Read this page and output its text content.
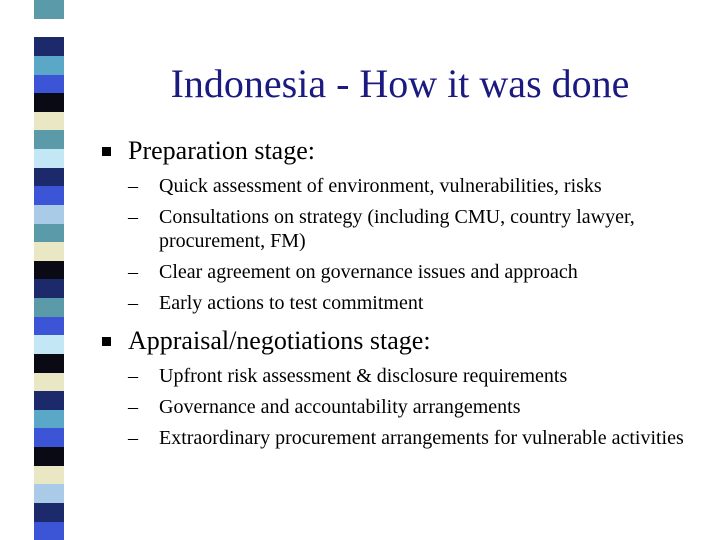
Indonesia - How it was done
Preparation stage:
–	Quick assessment of environment, vulnerabilities, risks
–	Consultations on strategy (including CMU, country lawyer, procurement, FM)
–	Clear agreement on governance issues and approach
–	Early actions to test commitment
Appraisal/negotiations stage:
–	Upfront risk assessment & disclosure requirements
–	Governance and accountability arrangements
–	Extraordinary procurement arrangements for vulnerable activities
